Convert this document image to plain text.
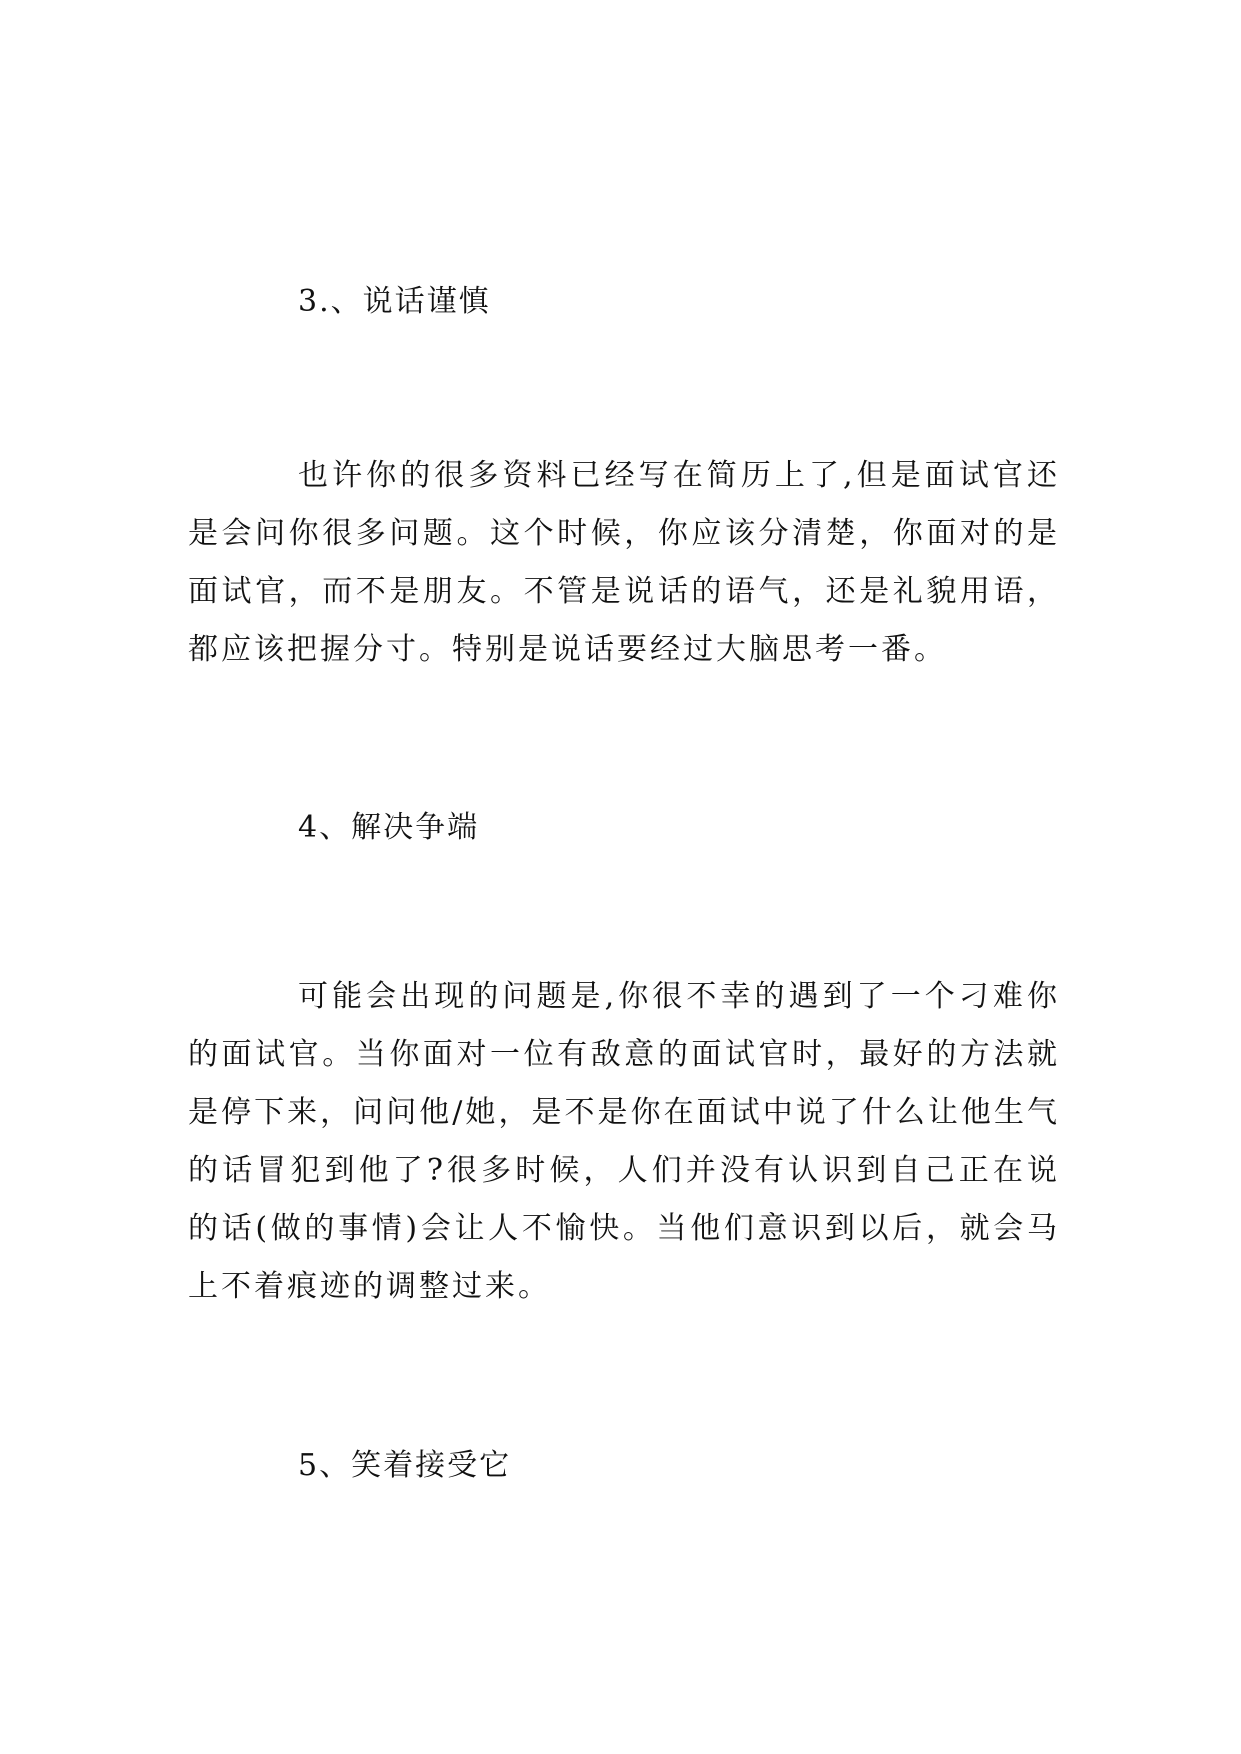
3.、说话谨慎

也许你的很多资料已经写在简历上了,但是面试官还是会问你很多问题。这个时候，你应该分清楚，你面对的是面试官，而不是朋友。不管是说话的语气，还是礼貌用语，都应该把握分寸。特别是说话要经过大脑思考一番。

4、解决争端

可能会出现的问题是,你很不幸的遇到了一个刁难你的面试官。当你面对一位有敌意的面试官时，最好的方法就是停下来，问问他/她，是不是你在面试中说了什么让他生气的话冒犯到他了?很多时候，人们并没有认识到自己正在说的话(做的事情)会让人不愉快。当他们意识到以后，就会马上不着痕迹的调整过来。

5、笑着接受它
